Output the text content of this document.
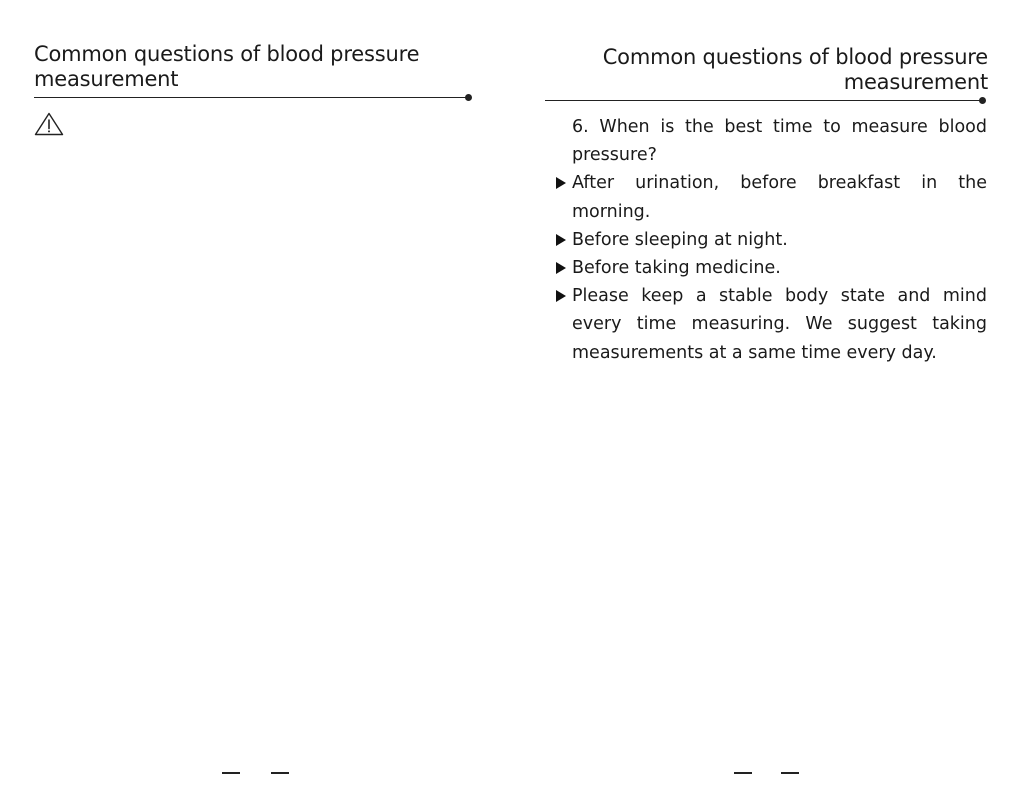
Common questions of blood pressure measurement
Common questions of blood pressure measurement

6. When is the best time to measure blood pressure?

After urination, before breakfast in the morning.
Before sleeping at night.
Before taking medicine.
Please keep a stable body state and mind every time measuring. We suggest taking measurements at a same time every day.
